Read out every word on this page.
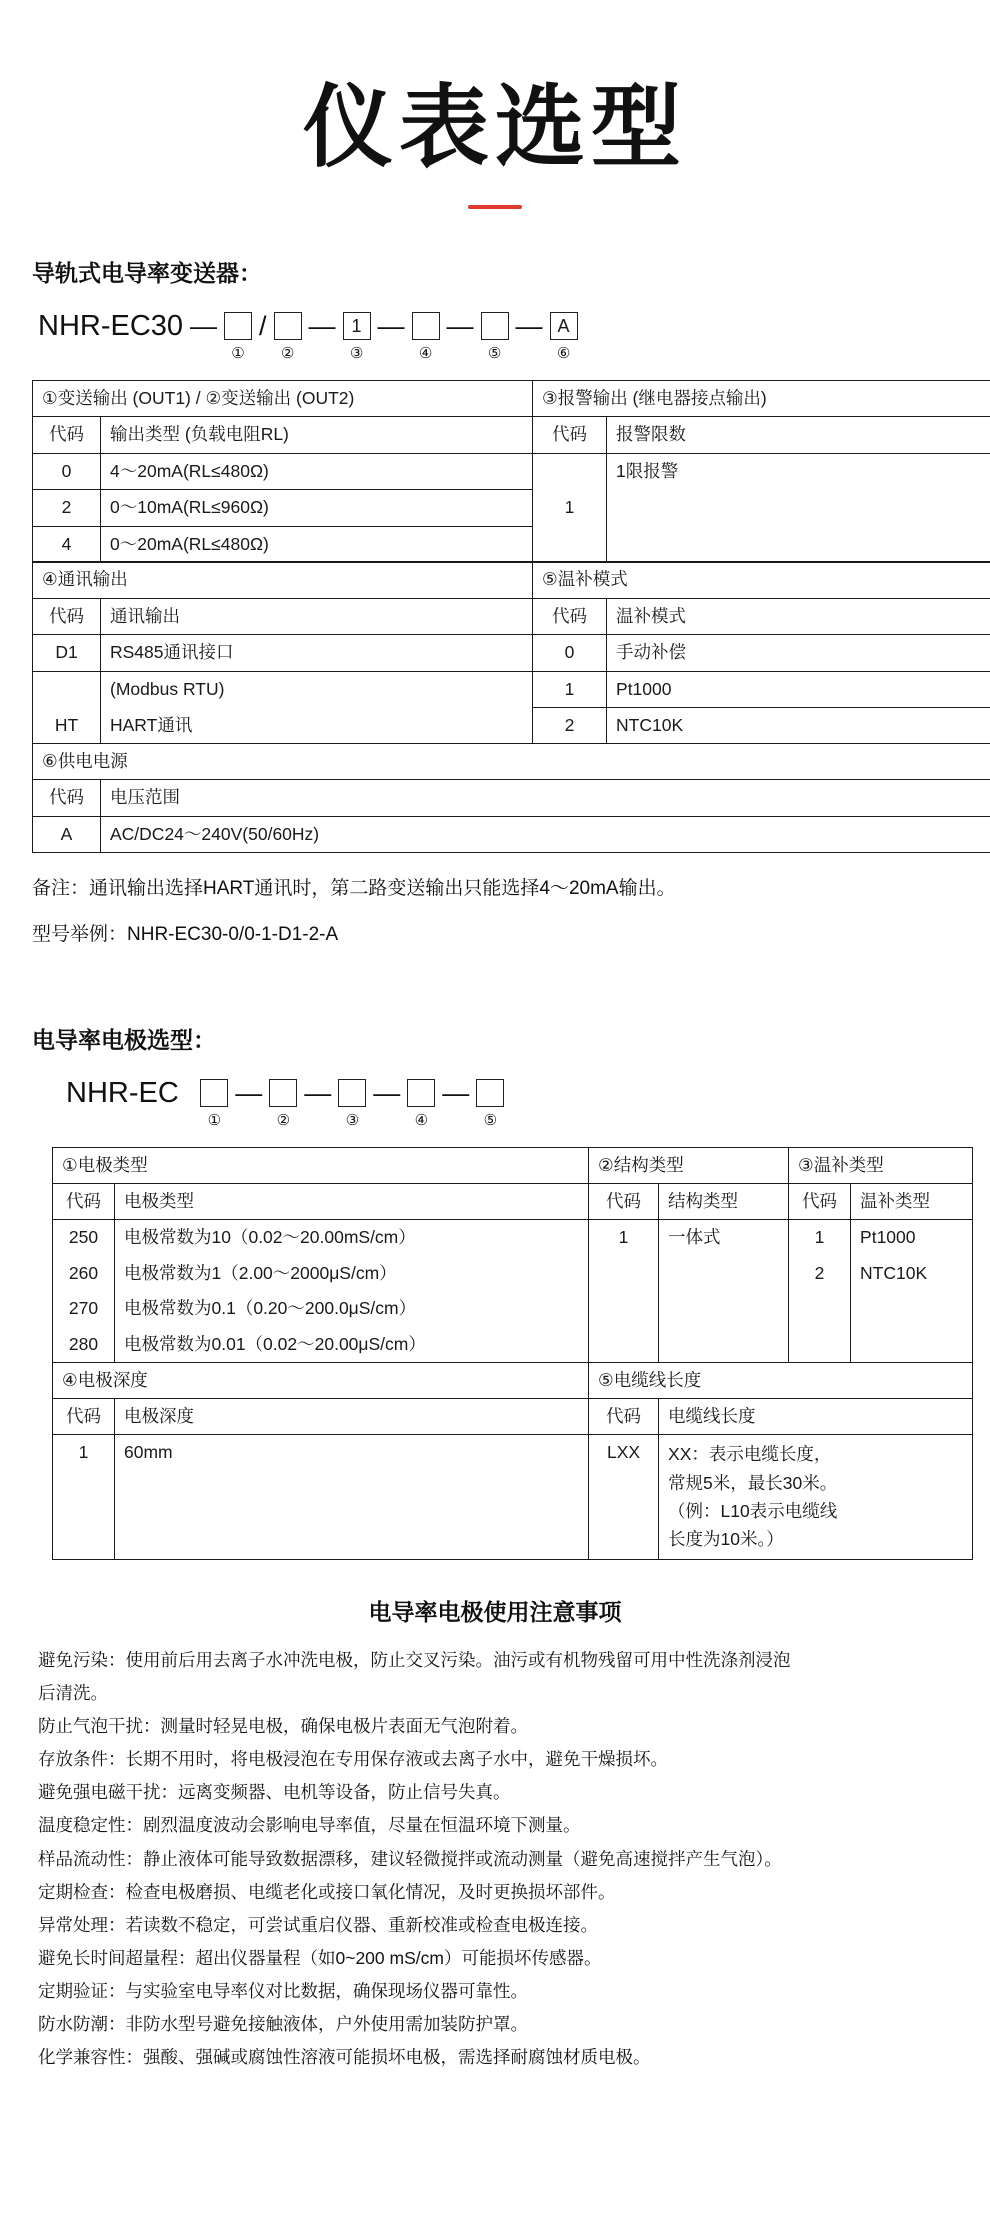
仪表选型
导轨式电导率变送器：
NHR-EC30 —
①
/
②
— 1
③
—
④
—
⑤
— A
⑥
①变送输出 (OUT1) / ②变送输出 (OUT2)		③报警输出 (继电器接点输出)	
代码	输出类型 (负载电阻RL)	代码	报警限数
0	4～20mA(RL≤480Ω)	1	1限报警
2	0～10mA(RL≤960Ω)		
4	0～20mA(RL≤480Ω)		
④通讯输出		⑤温补模式	
代码	通讯输出	代码	温补模式
D1	RS485通讯接口	0	手动补偿
	(Modbus RTU)	1	Pt1000
HT	HART通讯	2	NTC10K
⑥供电电源	
代码	电压范围
A	AC/DC24～240V(50/60Hz)
备注：通讯输出选择HART通讯时，第二路变送输出只能选择4～20mA输出。
型号举例：NHR-EC30-0/0-1-D1-2-A
电导率电极选型：
NHR-EC

①
—
②
—
③
—
④
—
⑤
①电极类型		②结构类型		③温补类型	
代码	电极类型	代码	结构类型	代码	温补类型
250	电极常数为10（0.02～20.00mS/cm）	1	一体式	1	Pt1000
260	电极常数为1（2.00～2000μS/cm）			2	NTC10K
270	电极常数为0.1（0.20～200.0μS/cm）				
280	电极常数为0.01（0.02～20.00μS/cm）				
④电极深度		⑤电缆线长度	
代码	电极深度	代码	电缆线长度
1	60mm	LXX	XX：表示电缆长度，
常规5米，最长30米。
（例：L10表示电缆线
长度为10米。）
电导率电极使用注意事项
避免污染：使用前后用去离子水冲洗电极，防止交叉污染。油污或有机物残留可用中性洗涤剂浸泡
后清洗。
防止气泡干扰：测量时轻晃电极，确保电极片表面无气泡附着。
存放条件：长期不用时，将电极浸泡在专用保存液或去离子水中，避免干燥损坏。
避免强电磁干扰：远离变频器、电机等设备，防止信号失真。
温度稳定性：剧烈温度波动会影响电导率值，尽量在恒温环境下测量。
样品流动性：静止液体可能导致数据漂移，建议轻微搅拌或流动测量（避免高速搅拌产生气泡）。
定期检查：检查电极磨损、电缆老化或接口氧化情况，及时更换损坏部件。
异常处理：若读数不稳定，可尝试重启仪器、重新校准或检查电极连接。
避免长时间超量程：超出仪器量程（如0~200 mS/cm）可能损坏传感器。
定期验证：与实验室电导率仪对比数据，确保现场仪器可靠性。
防水防潮：非防水型号避免接触液体，户外使用需加装防护罩。
化学兼容性：强酸、强碱或腐蚀性溶液可能损坏电极，需选择耐腐蚀材质电极。
